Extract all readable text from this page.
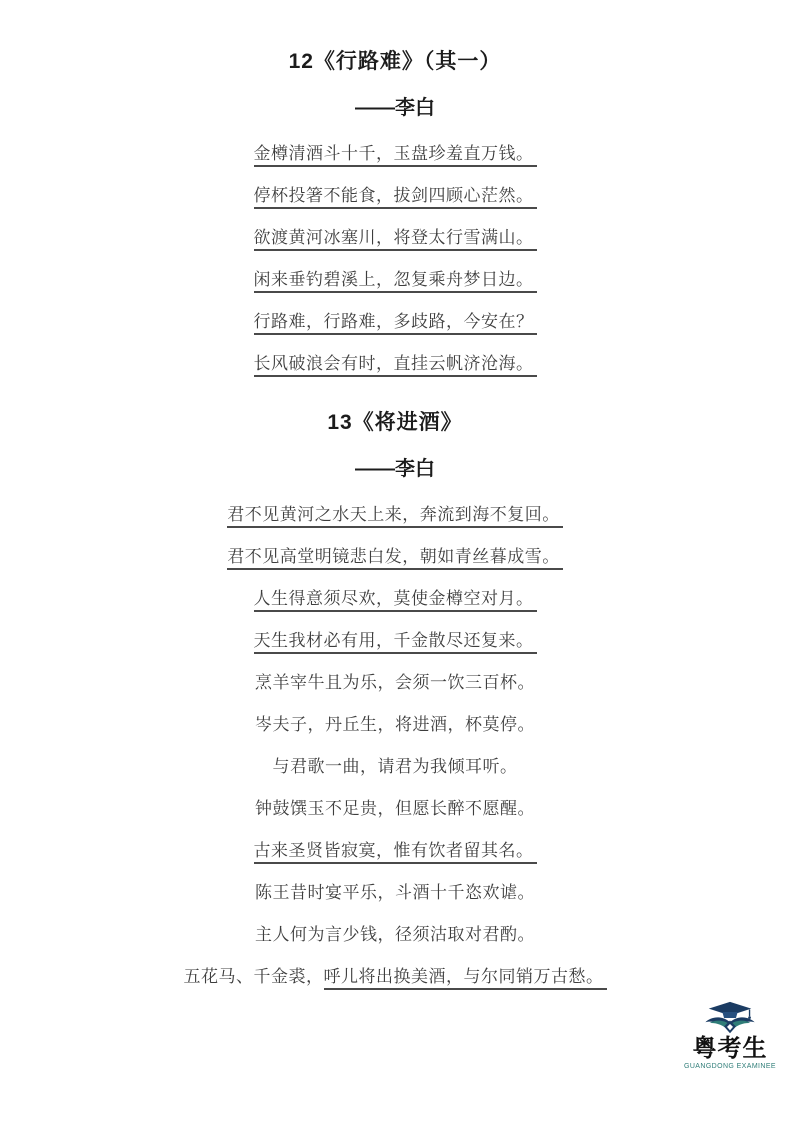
12《行路难》（其一）
——李白
金樽清酒斗十千，玉盘珍羞直万钱。
停杯投箸不能食，拔剑四顾心茫然。
欲渡黄河冰塞川，将登太行雪满山。
闲来垂钓碧溪上，忽复乘舟梦日边。
行路难，行路难，多歧路，今安在？
长风破浪会有时，直挂云帆济沧海。
13《将进酒》
——李白
君不见黄河之水天上来，奔流到海不复回。
君不见高堂明镜悲白发，朝如青丝暮成雪。
人生得意须尽欢，莫使金樽空对月。
天生我材必有用，千金散尽还复来。
烹羊宰牛且为乐，会须一饮三百杯。
岑夫子，丹丘生，将进酒，杯莫停。
与君歌一曲，请君为我倾耳听。
钟鼓馔玉不足贵，但愿长醉不愿醒。
古来圣贤皆寂寞，惟有饮者留其名。
陈王昔时宴平乐，斗酒十千恣欢谑。
主人何为言少钱，径须沽取对君酌。
五花马、千金裘，呼儿将出换美酒，与尔同销万古愁。
粤考生
GUANGDONG EXAMINEE
